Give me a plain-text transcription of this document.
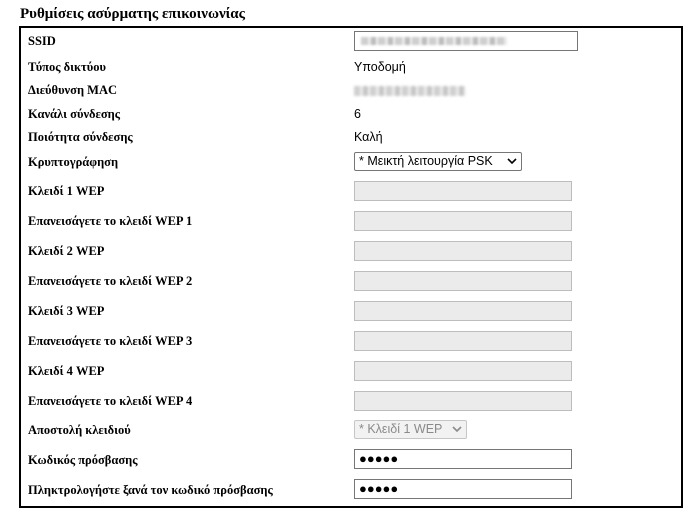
Ρυθμίσεις ασύρματης επικοινωνίας
SSID
Τύπος δικτύου	Υποδομή
Διεύθυνση MAC
Κανάλι σύνδεσης	6
Ποιότητα σύνδεσης	Καλή
Κρυπτογράφηση	* Μεικτή λειτουργία PSK
Κλειδί 1 WEP
Επανεισάγετε το κλειδί WEP 1
Κλειδί 2 WEP
Επανεισάγετε το κλειδί WEP 2
Κλειδί 3 WEP
Επανεισάγετε το κλειδί WEP 3
Κλειδί 4 WEP
Επανεισάγετε το κλειδί WEP 4
Αποστολή κλειδιού	* Κλειδί 1 WEP
Κωδικός πρόσβασης	●●●●●
Πληκτρολογήστε ξανά τον κωδικό πρόσβασης	●●●●●
